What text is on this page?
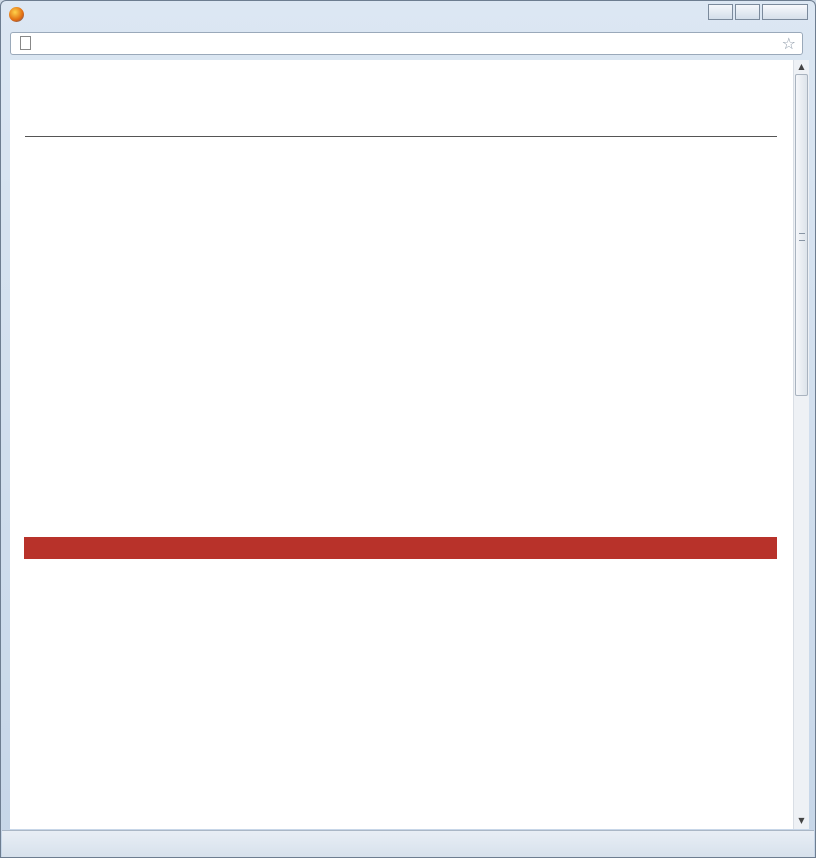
☆
▲
▼
